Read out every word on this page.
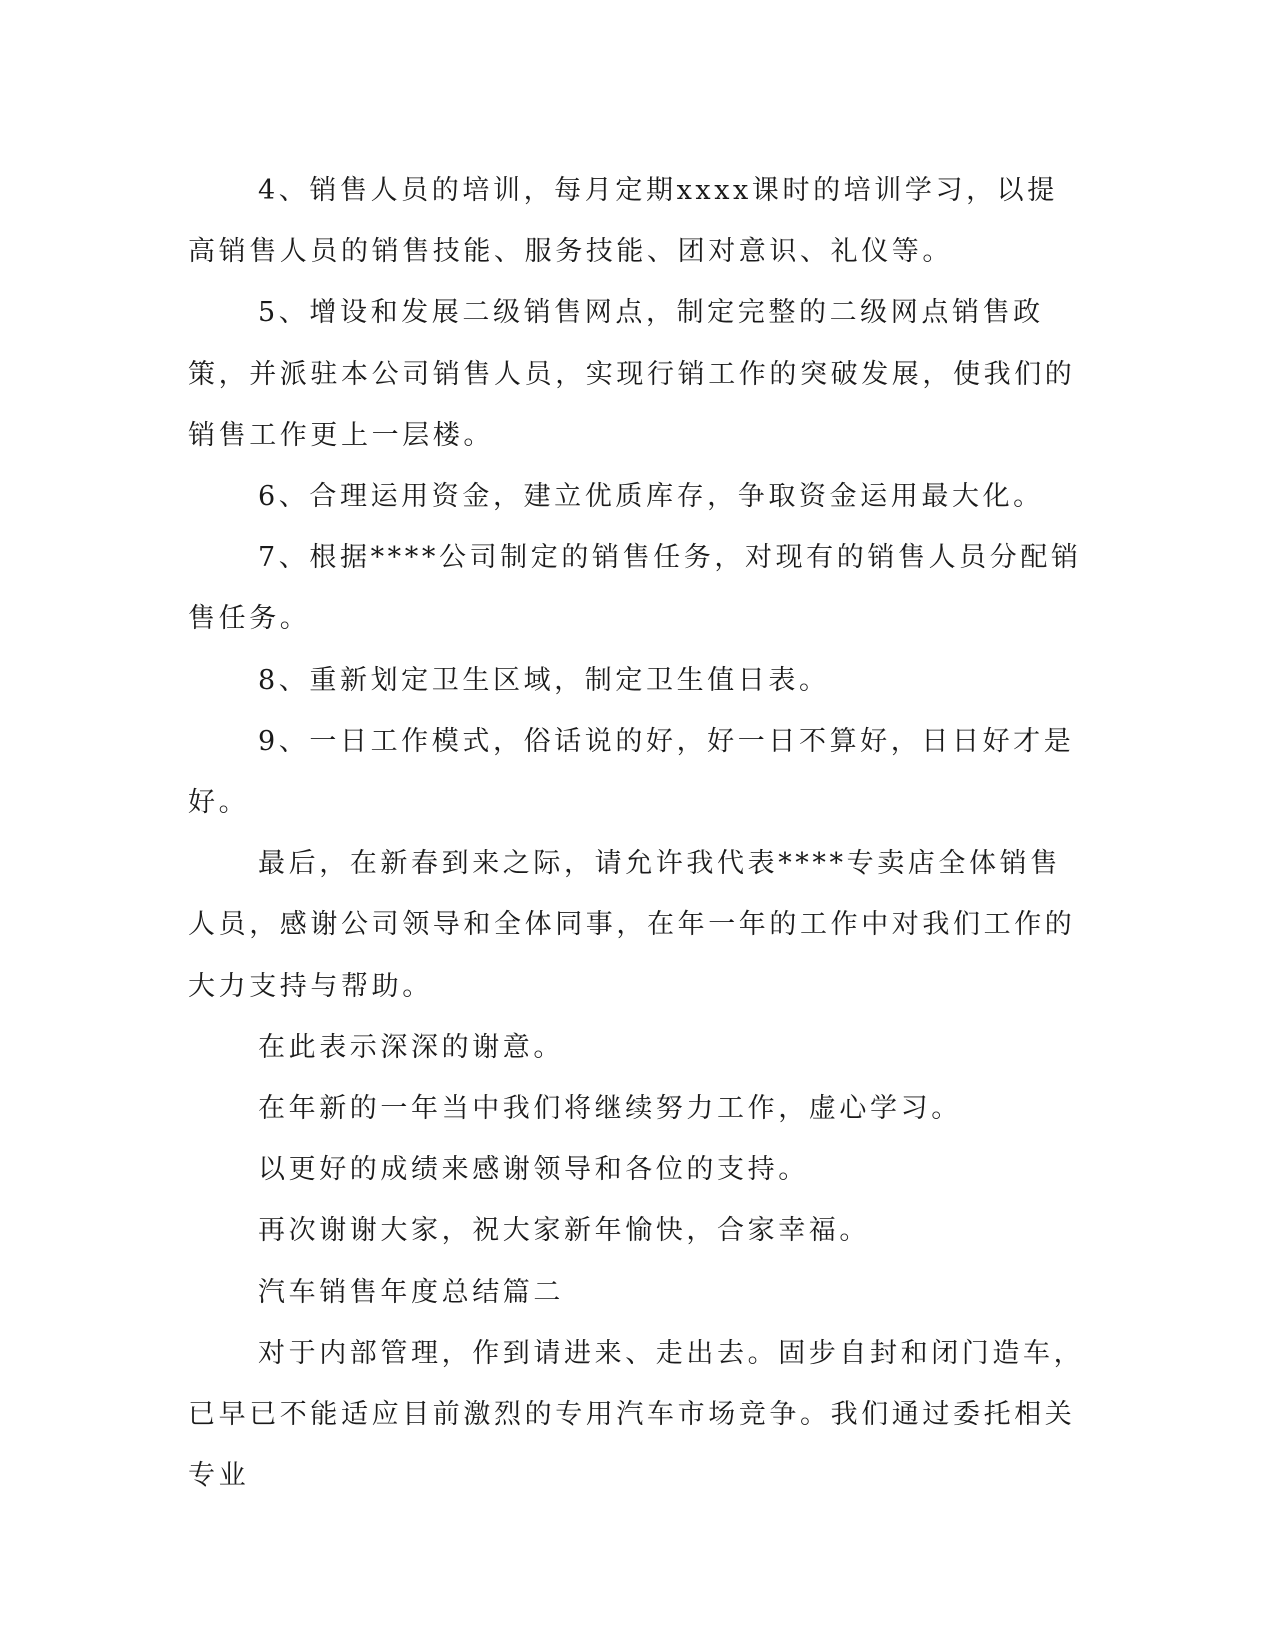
4、销售人员的培训，每月定期xxxx课时的培训学习，以提高销售人员的销售技能、服务技能、团对意识、礼仪等。

5、增设和发展二级销售网点，制定完整的二级网点销售政策，并派驻本公司销售人员，实现行销工作的突破发展，使我们的销售工作更上一层楼。

6、合理运用资金，建立优质库存，争取资金运用最大化。

7、根据****公司制定的销售任务，对现有的销售人员分配销售任务。

8、重新划定卫生区域，制定卫生值日表。

9、一日工作模式，俗话说的好，好一日不算好，日日好才是好。

最后，在新春到来之际，请允许我代表****专卖店全体销售人员，感谢公司领导和全体同事，在年一年的工作中对我们工作的大力支持与帮助。

在此表示深深的谢意。

在年新的一年当中我们将继续努力工作，虚心学习。

以更好的成绩来感谢领导和各位的支持。

再次谢谢大家，祝大家新年愉快，合家幸福。

汽车销售年度总结篇二

对于内部管理，作到请进来、走出去。固步自封和闭门造车，已早已不能适应目前激烈的专用汽车市场竞争。我们通过委托相关专业
